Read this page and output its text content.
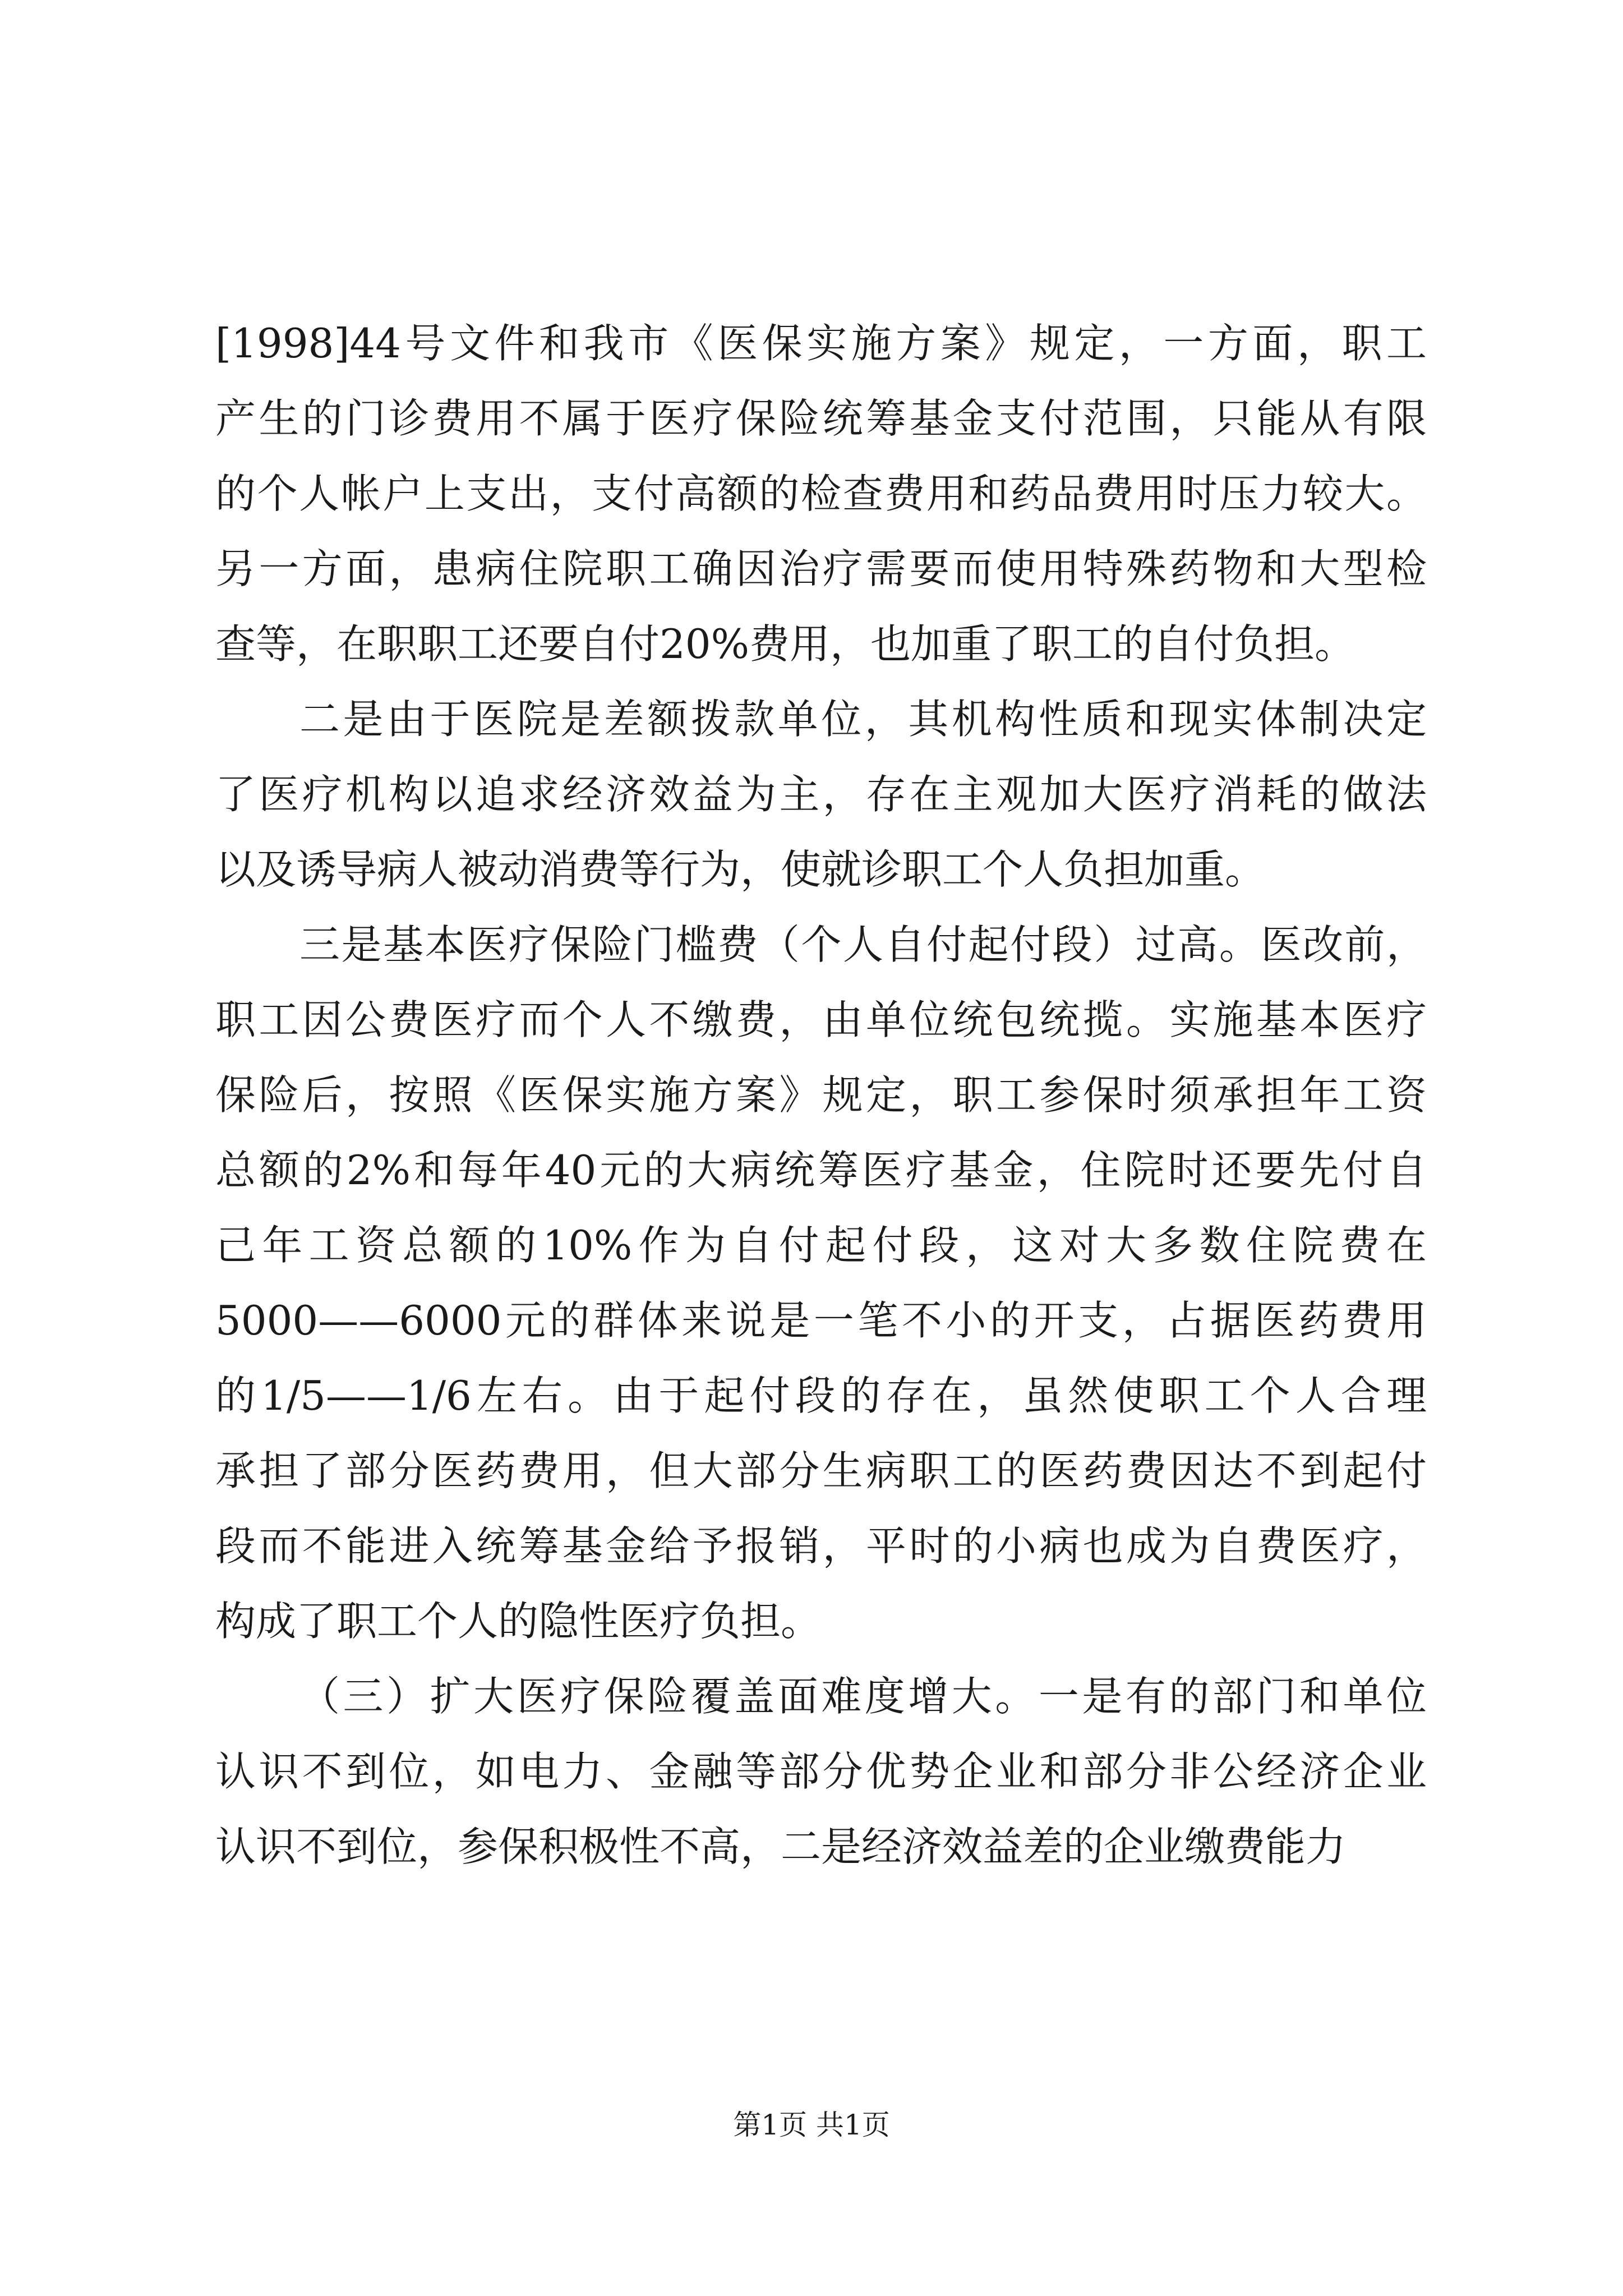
[1998]44号文件和我市《医保实施方案》规定，一方面，职工
产生的门诊费用不属于医疗保险统筹基金支付范围，只能从有限
的个人帐户上支出，支付高额的检查费用和药品费用时压力较大。
另一方面，患病住院职工确因治疗需要而使用特殊药物和大型检
查等，在职职工还要自付20%费用，也加重了职工的自付负担。
二是由于医院是差额拨款单位，其机构性质和现实体制决定
了医疗机构以追求经济效益为主，存在主观加大医疗消耗的做法
以及诱导病人被动消费等行为，使就诊职工个人负担加重。
三是基本医疗保险门槛费（个人自付起付段）过高。医改前，
职工因公费医疗而个人不缴费，由单位统包统揽。实施基本医疗
保险后，按照《医保实施方案》规定，职工参保时须承担年工资
总额的2%和每年40元的大病统筹医疗基金，住院时还要先付自
己年工资总额的10%作为自付起付段，这对大多数住院费在
5000——6000元的群体来说是一笔不小的开支，占据医药费用
的1/5——1/6左右。由于起付段的存在，虽然使职工个人合理
承担了部分医药费用，但大部分生病职工的医药费因达不到起付
段而不能进入统筹基金给予报销，平时的小病也成为自费医疗，
构成了职工个人的隐性医疗负担。
（三）扩大医疗保险覆盖面难度增大。一是有的部门和单位
认识不到位，如电力、金融等部分优势企业和部分非公经济企业
认识不到位，参保积极性不高，二是经济效益差的企业缴费能力
第1页 共1页
